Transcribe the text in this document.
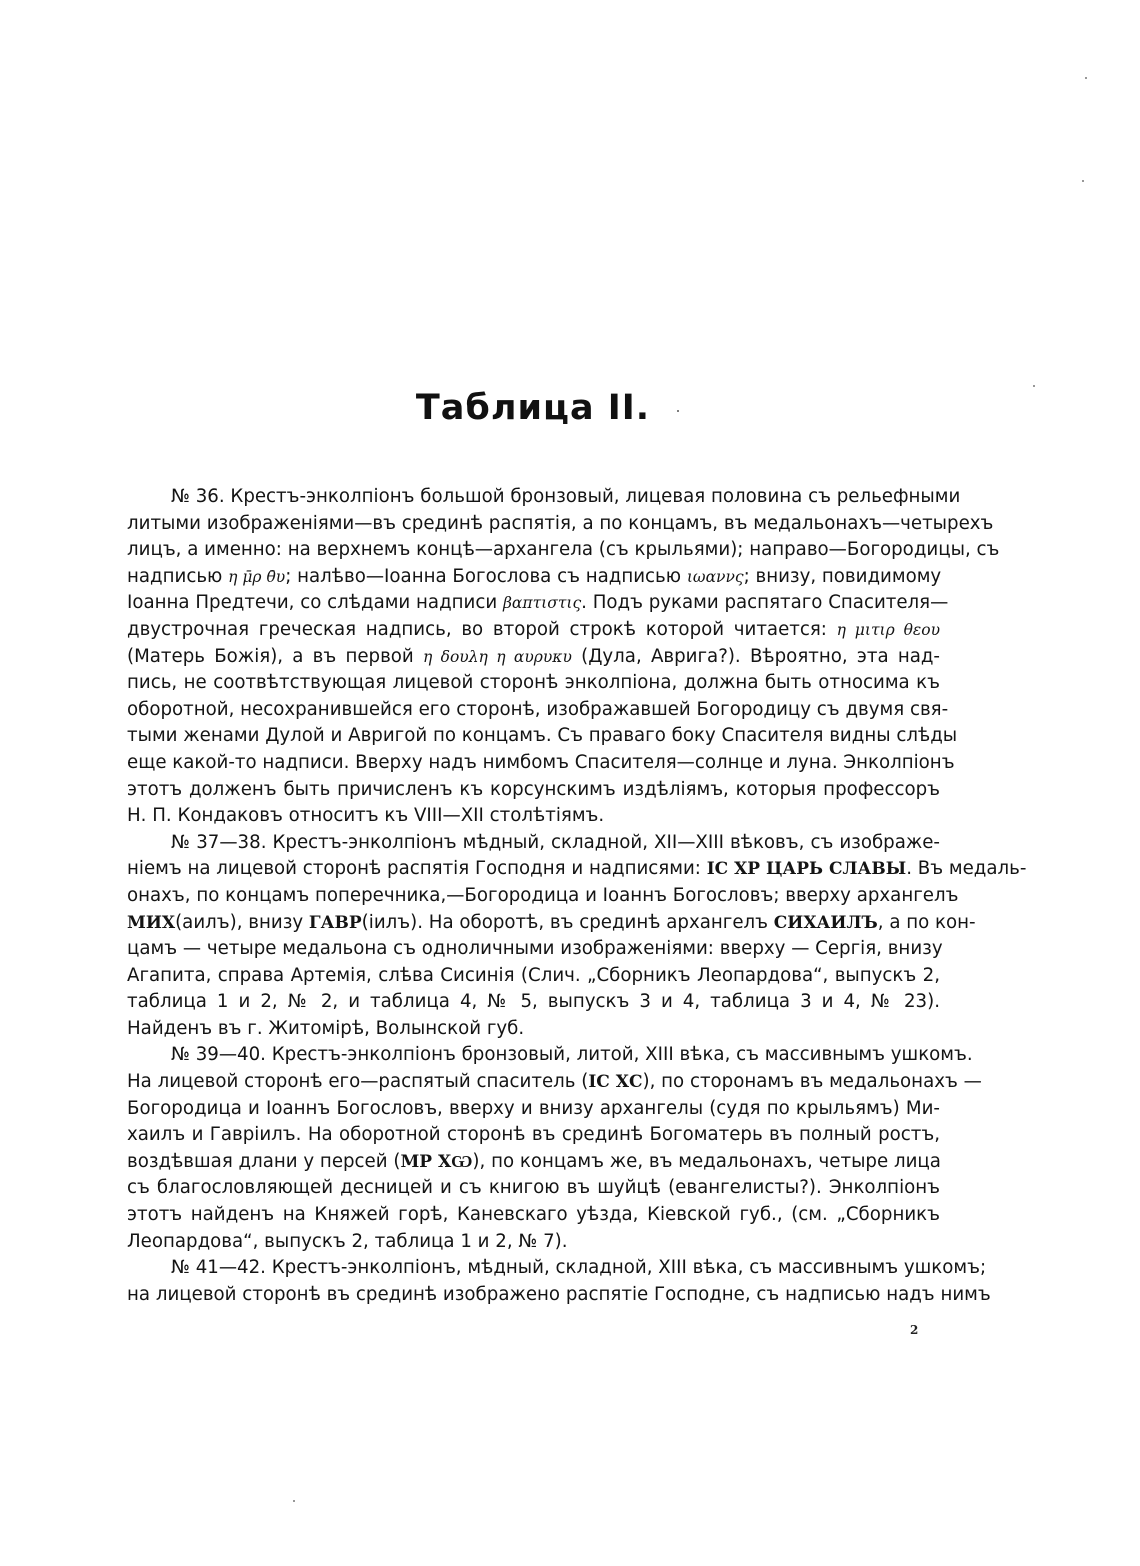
Таблица II.
№ 36. Крестъ-энколпіонъ большой бронзовый, лицевая половина съ рельефными
литыми изображеніями—въ срединѣ распятія, а по концамъ, въ медальонахъ—четырехъ
лицъ, а именно: на верхнемъ концѣ—архангела (съ крыльями); направо—Богородицы, съ
надписью η μ̄ρ θ̄υ; налѣво—Іоанна Богослова съ надписью ιωαννς; внизу, повидимому
Іоанна Предтечи, со слѣдами надписи βαπτιστις. Подъ руками распятаго Спасителя—
двустрочная греческая надпись, во второй строкѣ которой читается: η μιτιρ θεου
(Матерь Божія), а въ первой η δουλη η αυρυκυ (Дула, Аврига?). Вѣроятно, эта над-
пись, не соотвѣтствующая лицевой сторонѣ энколпіона, должна быть относима къ
оборотной, несохранившейся его сторонѣ, изображавшей Богородицу съ двумя свя-
тыми женами Дулой и Авригой по концамъ. Съ праваго боку Спасителя видны слѣды
еще какой-то надписи. Вверху надъ нимбомъ Спасителя—солнце и луна. Энколпіонъ
этотъ долженъ быть причисленъ къ корсунскимъ издѣліямъ, которыя профессоръ
Н. П. Кондаковъ относитъ къ VIII—XII столѣтіямъ.
№ 37—38. Крестъ-энколпіонъ мѣдный, складной, XII—XIII вѣковъ, съ изображе-
ніемъ на лицевой сторонѣ распятія Господня и надписями: ІС ХР ЦАРЬ СЛАВЫ. Въ медаль-
онахъ, по концамъ поперечника,—Богородица и Іоаннъ Богословъ; вверху архангелъ
МИХ(аилъ), внизу ГАВР(іилъ). На оборотѣ, въ срединѣ архангелъ СИХАИЛЪ, а по кон-
цамъ — четыре медальона съ одноличными изображеніями: вверху — Сергія, внизу
Агапита, справа Артемія, слѣва Сисинія (Слич. „Сборникъ Леопардова“, выпускъ 2,
таблица 1 и 2, № 2, и таблица 4, № 5, выпускъ 3 и 4, таблица 3 и 4, № 23).
Найденъ въ г. Житомірѣ, Волынской губ.
№ 39—40. Крестъ-энколпіонъ бронзовый, литой, XIII вѣка, съ массивнымъ ушкомъ.
На лицевой сторонѣ его—распятый спаситель (ІС ХС), по сторонамъ въ медальонахъ —
Богородица и Іоаннъ Богословъ, вверху и внизу архангелы (судя по крыльямъ) Ми-
хаилъ и Гавріилъ. На оборотной сторонѣ въ срединѣ Богоматерь въ полный ростъ,
воздѣвшая длани у персей (МР ХѠ), по концамъ же, въ медальонахъ, четыре лица
съ благословляющей десницей и съ книгою въ шуйцѣ (евангелисты?). Энколпіонъ
этотъ найденъ на Княжей горѣ, Каневскаго уѣзда, Кіевской губ., (см. „Сборникъ
Леопардова“, выпускъ 2, таблица 1 и 2, № 7).
№ 41—42. Крестъ-энколпіонъ, мѣдный, складной, XIII вѣка, съ массивнымъ ушкомъ;
на лицевой сторонѣ въ срединѣ изображено распятіе Господне, съ надписью надъ нимъ
2
